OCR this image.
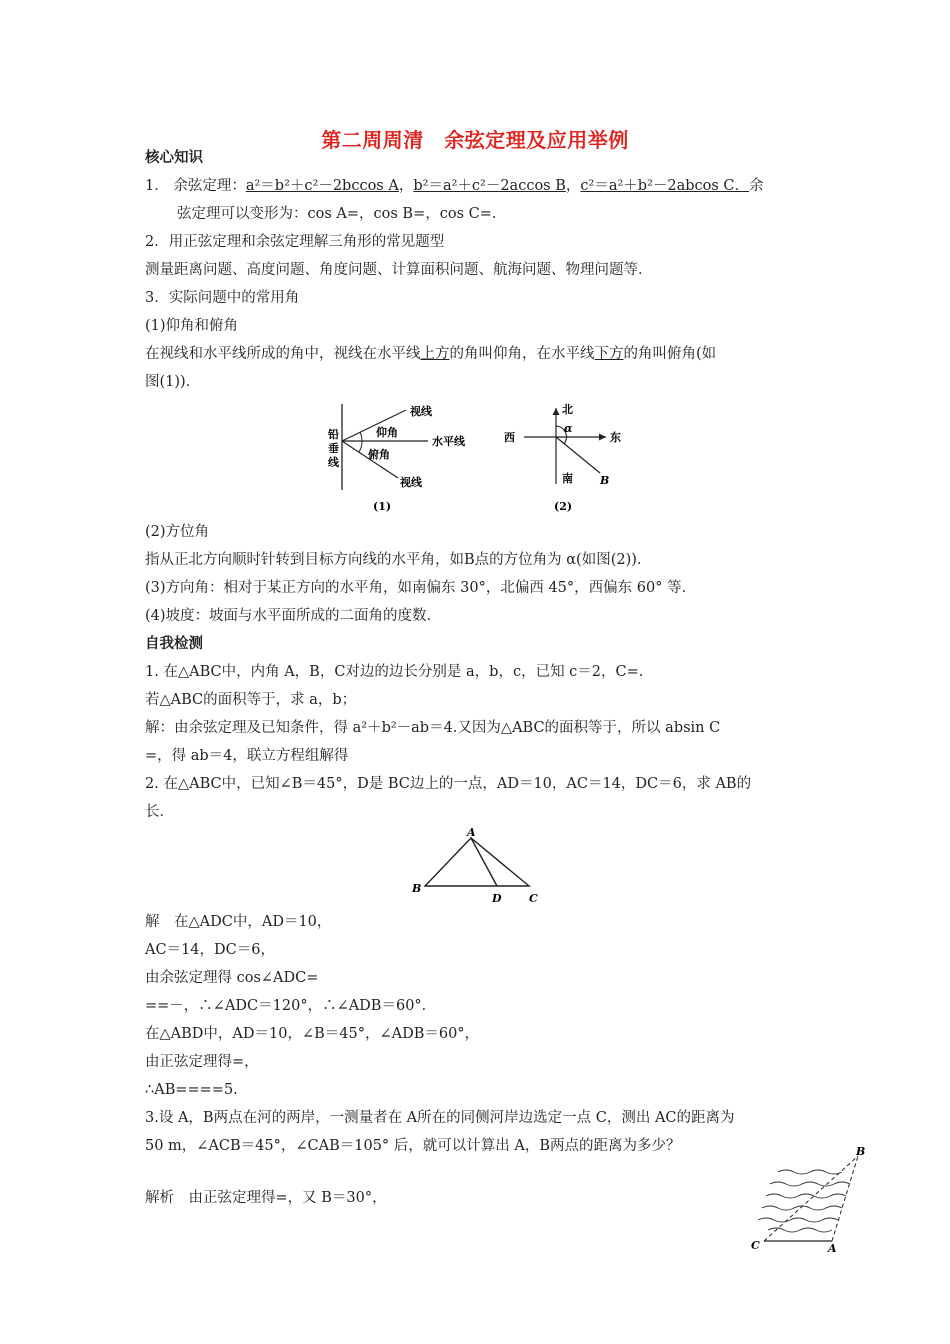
第二周周清　余弦定理及应用举例
核心知识
1． 余弦定理：a²＝b²＋c²－2bccos A，b²＝a²＋c²－2accos B，c²＝a²＋b²－2abcos C．余
弦定理可以变形为：cos A=，cos B=，cos C=.
2．用正弦定理和余弦定理解三角形的常见题型
测量距离问题、高度问题、角度问题、计算面积问题、航海问题、物理问题等．
3．实际问题中的常用角
(1)仰角和俯角
在视线和水平线所成的角中，视线在水平线上方的角叫仰角，在水平线下方的角叫俯角(如
图(1))．
铅
垂
线
视线
仰角
水平线
俯角
视线
(1)
北
西	东
α
南 B
(2)
(2)方位角
指从正北方向顺时针转到目标方向线的水平角，如B点的方位角为 α(如图(2))．
(3)方向角：相对于某正方向的水平角，如南偏东 30°，北偏西 45°，西偏东 60° 等．
(4)坡度：坡面与水平面所成的二面角的度数．
自我检测
1. 在△ABC中，内角 A，B，C对边的边长分别是 a，b，c，已知 c＝2，C=.
若△ABC的面积等于，求 a，b；
解：由余弦定理及已知条件，得 a²＋b²－ab＝4.又因为△ABC的面积等于，所以 absin C
=，得 ab＝4，联立方程组解得
2. 在△ABC中，已知∠B＝45°，D是 BC边上的一点，AD＝10，AC＝14，DC＝6，求 AB的
长．
A
B
C
D
解　在△ADC中，AD＝10，
AC＝14，DC＝6，
由余弦定理得 cos∠ADC=
==－，∴∠ADC＝120°，∴∠ADB＝60°．
在△ABD中，AD＝10，∠B＝45°，∠ADB＝60°，
由正弦定理得=，
∴AB====5.
3.设 A，B两点在河的两岸，一测量者在 A所在的同侧河岸边选定一点 C，测出 AC的距离为
50 m，∠ACB＝45°，∠CAB＝105° 后，就可以计算出 A，B两点的距离为多少？
解析　由正弦定理得=，又 B＝30°，
B
C	A
